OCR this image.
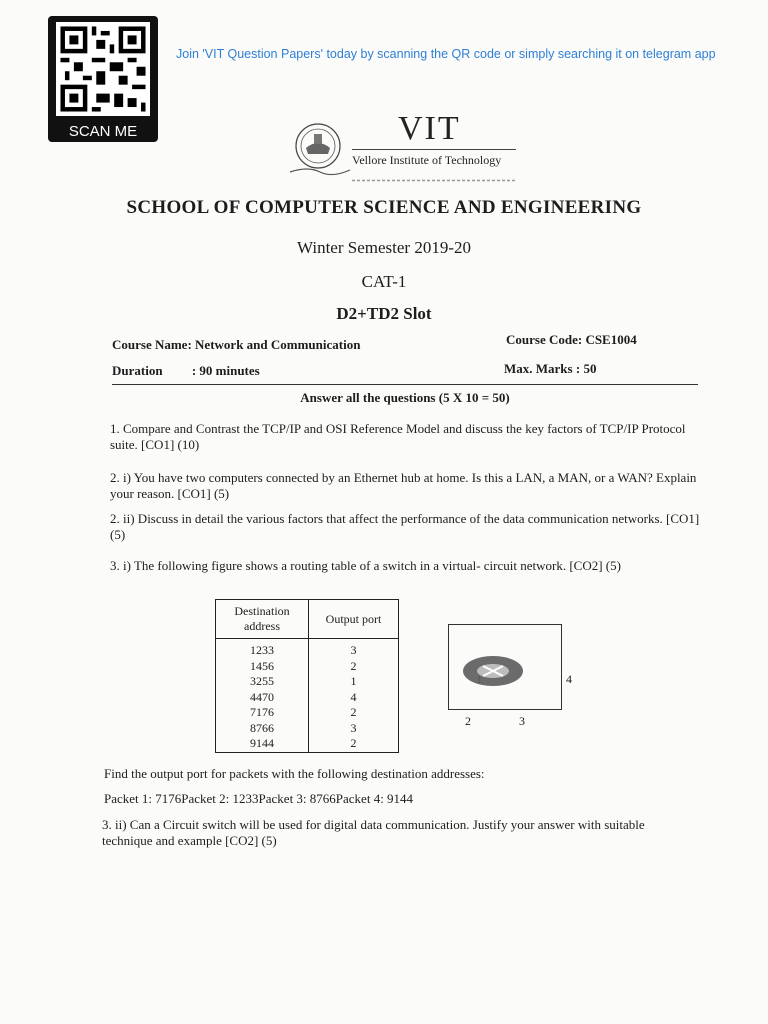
SCAN ME
Join 'VIT Question Papers' today by scanning the QR code or simply searching it on telegram app
VIT
Vellore Institute of Technology
SCHOOL OF COMPUTER SCIENCE AND ENGINEERING
Winter Semester 2019-20
CAT-1
D2+TD2 Slot
Course Name: Network and Communication	Course Code: CSE1004
Duration : 90 minutes	Max. Marks : 50
Answer all the questions (5 X 10 = 50)
1. Compare and Contrast the TCP/IP and OSI Reference Model and discuss the key factors of TCP/IP Protocol suite. [CO1] (10)
2. i) You have two computers connected by an Ethernet hub at home. Is this a LAN, a MAN, or a WAN? Explain your reason. [CO1] (5)
2. ii) Discuss in detail the various factors that affect the performance of the data communication networks. [CO1] (5)
3. i) The following figure shows a routing table of a switch in a virtual- circuit network. [CO2] (5)
Destination address	Output port
1233	3
1456	2
3255	1
4470	4
7176	2
8766	3
9144	2
1	4
2	3
Find the output port for packets with the following destination addresses:
Packet 1: 7176Packet 2: 1233Packet 3: 8766Packet 4: 9144
3. ii) Can a Circuit switch will be used for digital data communication. Justify your answer with suitable technique and example [CO2] (5)
